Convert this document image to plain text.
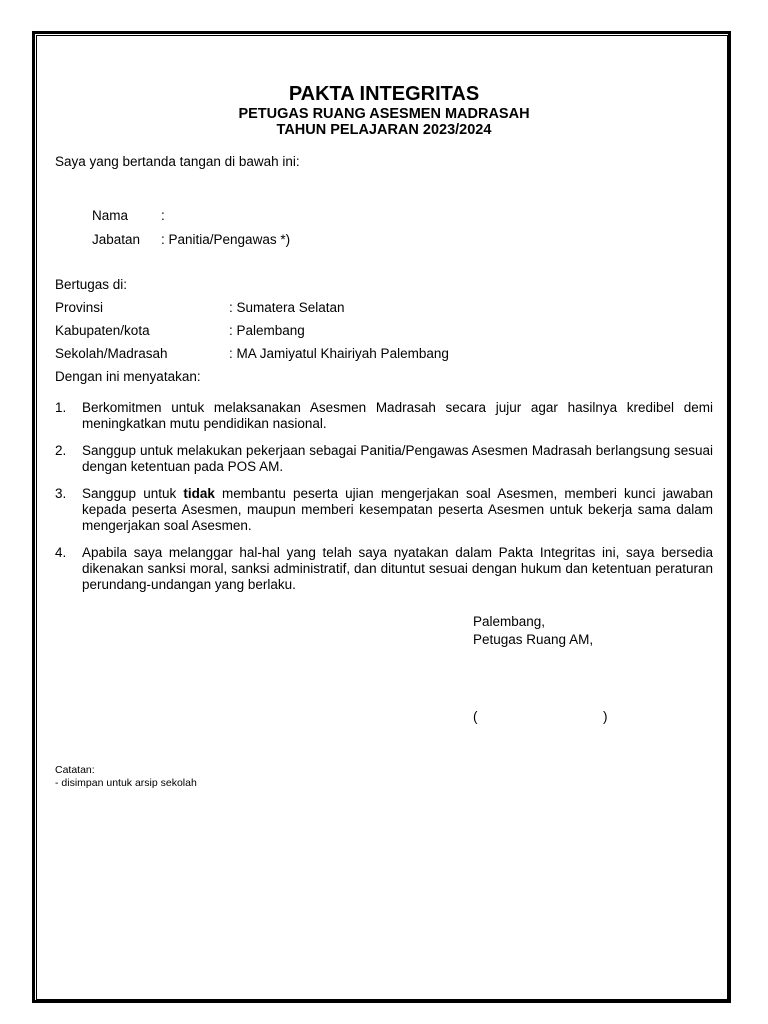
PAKTA INTEGRITAS
PETUGAS RUANG ASESMEN MADRASAH
TAHUN PELAJARAN 2023/2024
Saya yang bertanda tangan di bawah ini:
Nama :
Jabatan : Panitia/Pengawas *)
Bertugas di:
Provinsi	: Sumatera Selatan
Kabupaten/kota	: Palembang
Sekolah/Madrasah	: MA Jamiyatul Khairiyah Palembang
Dengan ini menyatakan:
1. Berkomitmen untuk melaksanakan Asesmen Madrasah secara jujur agar hasilnya kredibel demi meningkatkan mutu pendidikan nasional.
2. Sanggup untuk melakukan pekerjaan sebagai Panitia/Pengawas Asesmen Madrasah berlangsung sesuai dengan ketentuan pada POS AM.
3. Sanggup untuk tidak membantu peserta ujian mengerjakan soal Asesmen, memberi kunci jawaban kepada peserta Asesmen, maupun memberi kesempatan peserta Asesmen untuk bekerja sama dalam mengerjakan soal Asesmen.
4. Apabila saya melanggar hal-hal yang telah saya nyatakan dalam Pakta Integritas ini, saya bersedia dikenakan sanksi moral, sanksi administratif, dan dituntut sesuai dengan hukum dan ketentuan peraturan perundang-undangan yang berlaku.
Palembang,
Petugas Ruang AM,
(	)
Catatan:
- disimpan untuk arsip sekolah
